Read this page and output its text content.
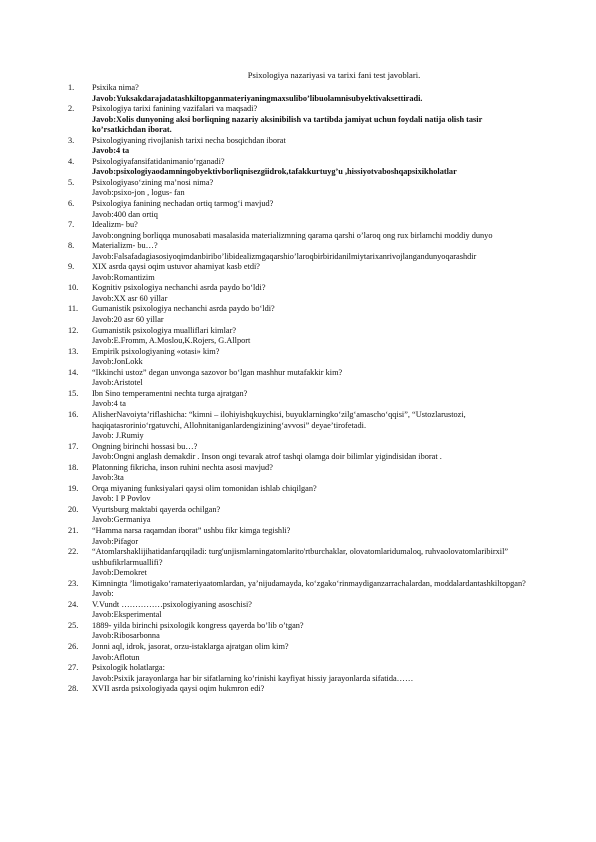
Psixologiya nazariyasi va tarixi fani test javoblari.
1.	Psixika nima?
Javob:Yuksakdarajadatashkiltopganmateriyaningmaxsulibo’libuolamnisubyektivaksettiradi.
2.	Psixologiya tarixi fanining vazifalari va maqsadi?
Javob:Xolis dunyoning aksi borliqning nazariy aksinibilish va tartibda jamiyat uchun foydali natija olish tasir ko’rsatkichdan iborat.
3.	Psixologiyaning rivojlanish tarixi necha bosqichdan iborat
Javob:4 ta
4.	Psixologiyafansifatidanimanio‘rganadi?
Javob:psixologiyaodamningobyektivborliqnisezgiidrok,tafakkurtuyg’u ,hissiyotvaboshqapsixikholatlar
5.	Psixologiyaso‘zining ma’nosi nima?
Javob:psixo-jon , logus- fan
6.	Psixologiya fanining nechadan ortiq tarmog‘i mavjud?
Javob:400 dan ortiq
7.	Idealizm- bu?
Javob:ongning borliqqa munosabati masalasida materializmning qarama qarshi o’laroq ong rux birlamchi moddiy dunyo
8.	Materializm- bu…?
Javob:Falsafadagiasosiyoqimdanbiribo’libidealizmgaqarshio’laroqbirbiridanilmiytarixanrivojlangandunyoqarashdir
9.	XIX asrda qaysi oqim ustuvor ahamiyat kasb etdi?
Javob:Romantizim
10.	Kognitiv psixologiya nechanchi asrda paydo bo‘ldi?
Javob:XX asr 60 yillar
11.	Gumanistik psixologiya nechanchi asrda paydo bo‘ldi?
Javob:20 asr 60 yillar
12.	Gumanistik psixologiya mualliflari kimlar?
Javob:E.Fromm, A.Moslou,K.Rojers, G.Allport
13.	Empirik psixologiyaning «otasi» kim?
Javob:JonLokk
14.	“Ikkinchi ustoz” degan unvonga sazovor bo‘lgan mashhur mutafakkir kim?
Javob:Aristotel
15.	Ibn Sino temperamentni nechta turga ajratgan?
Javob:4 ta
16.	AlisherNavoiyta’riflashicha: “kimni – ilohiyishqkuychisi, buyuklarningko‘zilg‘amascho‘qqisi”, “Ustozlarustozi, haqiqatasrorinio‘rgatuvchi, Allohnitaniganlardengizining‘avvosi” deyaeʼtirofetadi.
Javob: J.Rumiy
17.	Ongning birinchi hossasi bu…?
Javob:Ongni anglash demakdir . Inson ongi tevarak atrof tashqi olamga doir bilimlar yigindisidan iborat .
18.	Platonning fikricha, inson ruhini nechta asosi mavjud?
Javob:3ta
19.	Orqa miyaning funksiyalari qaysi olim tomonidan ishlab chiqilgan?
Javob: I P Povlov
20.	Vyurtsburg maktabi qayerda ochilgan?
Javob:Germaniya
21.	“Hamma narsa raqamdan iborat” ushbu fikr kimga tegishli?
Javob:Pifagor
22.	“Atomlarshaklijihatidanfarqqiladi: turg'unjismlarningatomlarito'rtburchaklar, olovatomlaridumaloq, ruhvaolovatomlaribirxil” ushbufikrlarmuallifi?
Javob:Demokret
23.	Kimningta ’limotigako‘ramateriyaatomlardan, ya’nijudamayda, ko‘zgako‘rinmaydiganzarrachalardan, moddalardantashkiltopgan?
Javob:
24.	V.Vundt ……………psixologiyaning asoschisi?
Javob:Eksperimental
25.	1889- yilda birinchi psixologik kongress qayerda bo’lib o’tgan?
Javob:Ribosarbonna
26.	Jonni aql, idrok, jasorat, orzu-istaklarga ajratgan olim kim?
Javob:Aflotun
27.	Psixologik holatlarga:
Javob:Psixik jarayonlarga har bir sifatlarning ko’rinishi kayfiyat hissiy jarayonlarda sifatida……
28.	XVII asrda psixologiyada qaysi oqim hukmron edi?
